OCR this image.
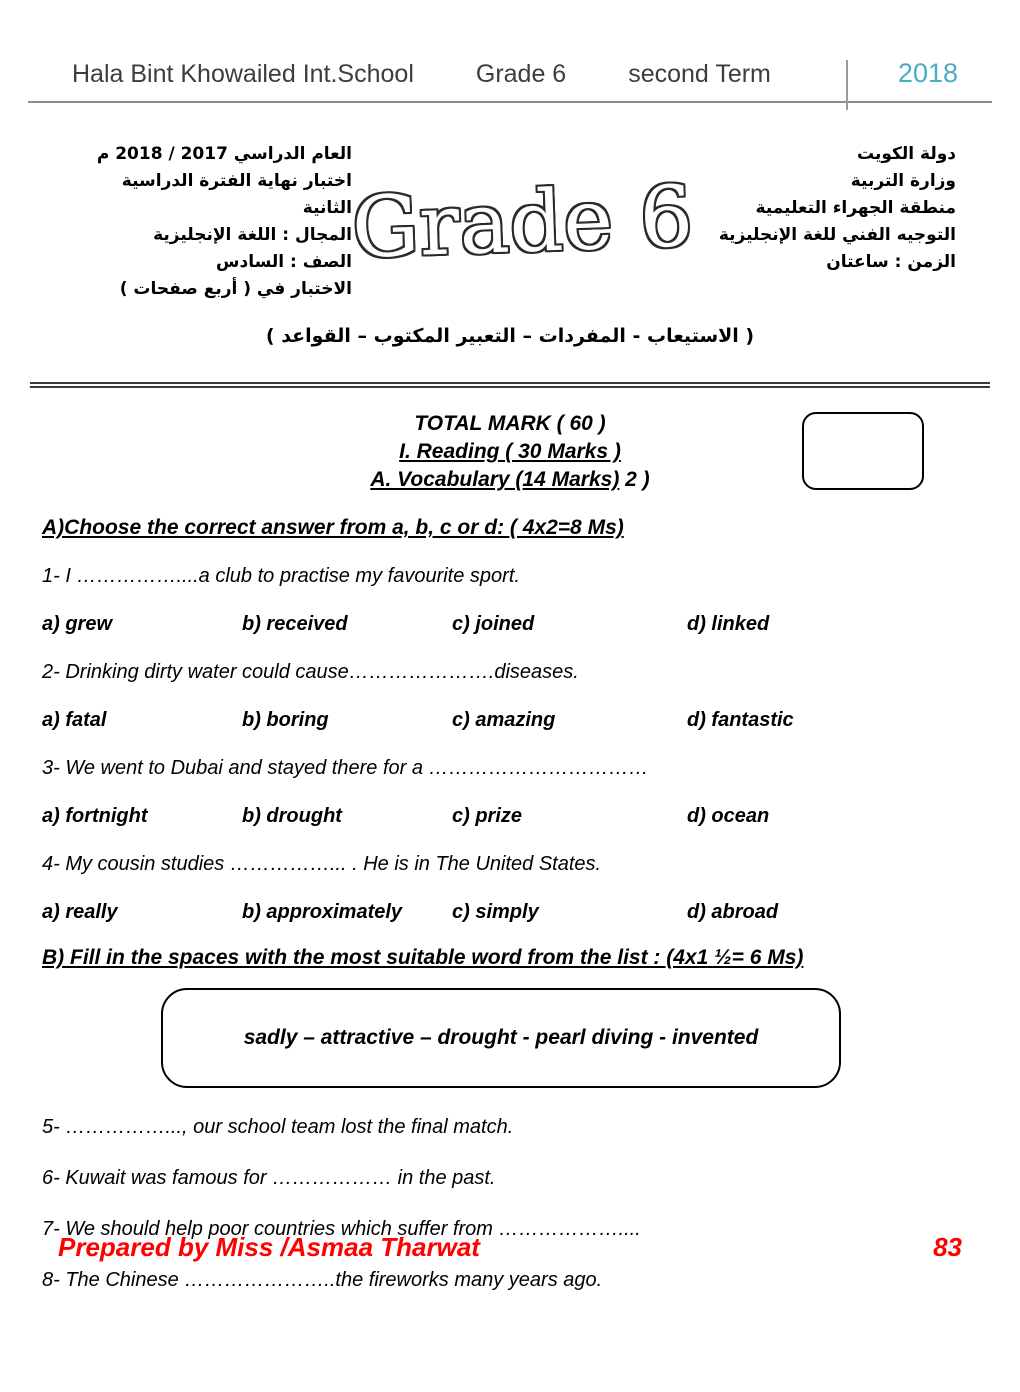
Hala Bint Khowailed Int.School Grade 6 second Term	2018
العام الدراسي 2017 / 2018 م
اختبار نهاية الفترة الدراسية الثانية
المجال : اللغة الإنجليزية
الصف : السادس
الاختبار في ( أربع صفحات )
Grade 6
دولة الكويت
وزارة التربية
منطقة الجهراء التعليمية
التوجيه الفني للغة الإنجليزية
الزمن : ساعتان
( الاستيعاب - المفردات – التعبير المكتوب – القواعد )
TOTAL MARK ( 60 )
I. Reading ( 30 Marks )
A. Vocabulary (14 Marks) 2 )
A)Choose the correct answer from a, b, c or d: ( 4x2=8 Ms)
1- I ……………....a club to practise my favourite sport.
a) grew	b) received	c) joined	d) linked
2- Drinking dirty water could cause………………….diseases.
a) fatal	b) boring	c) amazing	d) fantastic
3- We went to Dubai and stayed there for a ……………………………
a) fortnight	b) drought	c) prize	d) ocean
4- My cousin studies ……………... . He is in The United States.
a) really	b) approximately	c) simply	d) abroad
B) Fill in the spaces with the most suitable word from the list : (4x1 ½= 6 Ms)
sadly – attractive – drought - pearl diving - invented
5- ……………..., our school team lost the final match.
6- Kuwait was famous for ……………… in the past.
7- We should help poor countries which suffer from ………………....
8- The Chinese …………………..the fireworks many years ago.
Prepared by Miss /Asmaa Tharwat	83
